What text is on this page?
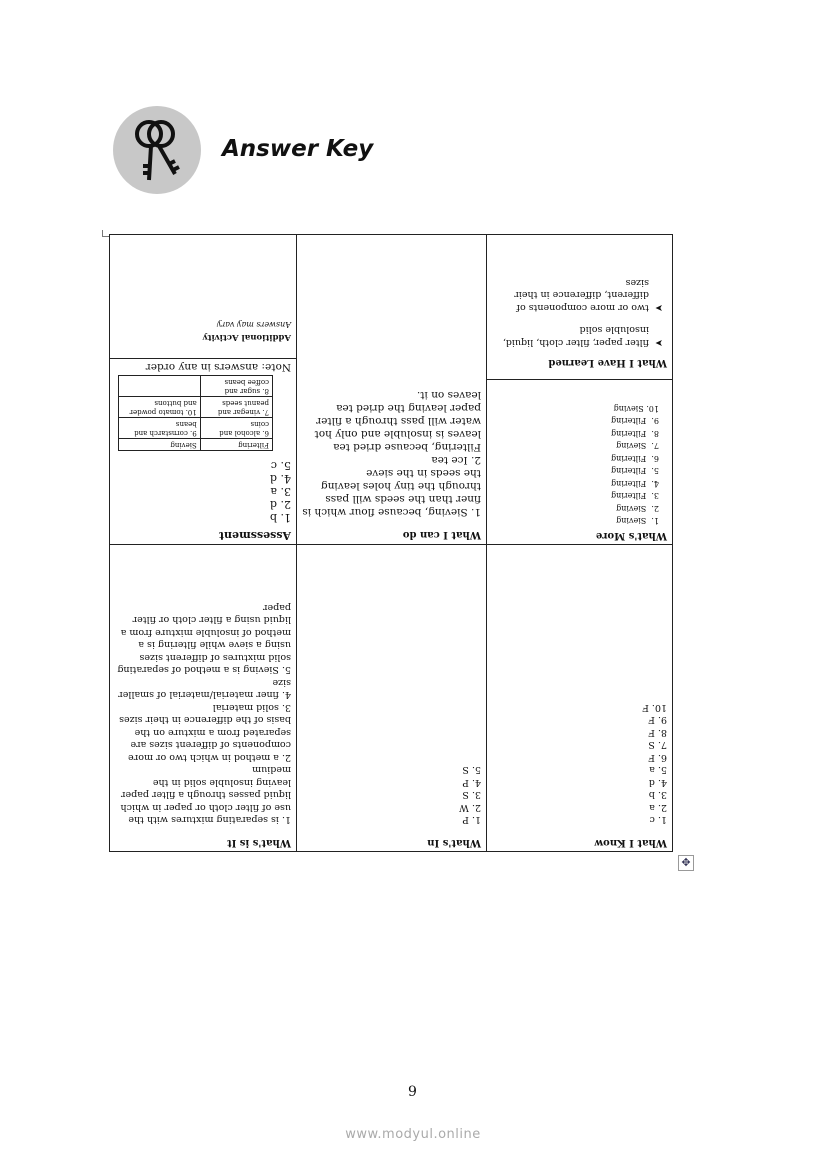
Answer Key
What I Know
1. c
2. a
3. b
4. d
5. a
6. F
7. S
8. F
9. F
10. F

What's In
1. P
2. W
3. S
4. P
5. S

What's is It
1. is separating mixtures with the use of filter cloth or paper in which liquid passes through a filter paper leaving insoluble solid in the medium
2. a method in which two or more components of different sizes are separated from a mixture on the basis of the difference in their sizes
3. solid material
4. finer material/material of smaller size
5. Sieving is a method of separating solid mixtures of different sizes using a sieve while filtering is a method of insoluble mixture from a liquid using a filter cloth or filter paper

What's More
1.  Sieving
2.  Sieving
3.  Filtering
4.  Filtering
5.  Filtering
6.  Filtering
7.  Sieving
8.  Filtering
9.  Filtering
10. Sieving
What I Have Learned
➤  filter paper, filter cloth, liquid, insoluble solid
➤  two or more components of different, difference in their sizes

What I can do
1. Sieving, because flour which is finer than the seeds will pass through the tiny holes leaving the seeds in the sieve
2. Ice tea
Filtering, because dried tea leaves is insoluble and only hot water will pass through a filter paper leaving the dried tea leaves on it.

Assessment
1. b
2. d
3. a
4. d
5. c
Filtering	Sieving
6. alcohol and coins	9. cornstarch and beans
7. vinegar and peanut seeds	10. tomato powder and buttons
8. sugar and coffee beans	
Note: answers in any order
Additional Activity
Answers may vary
✥
9
www.modyul.online
